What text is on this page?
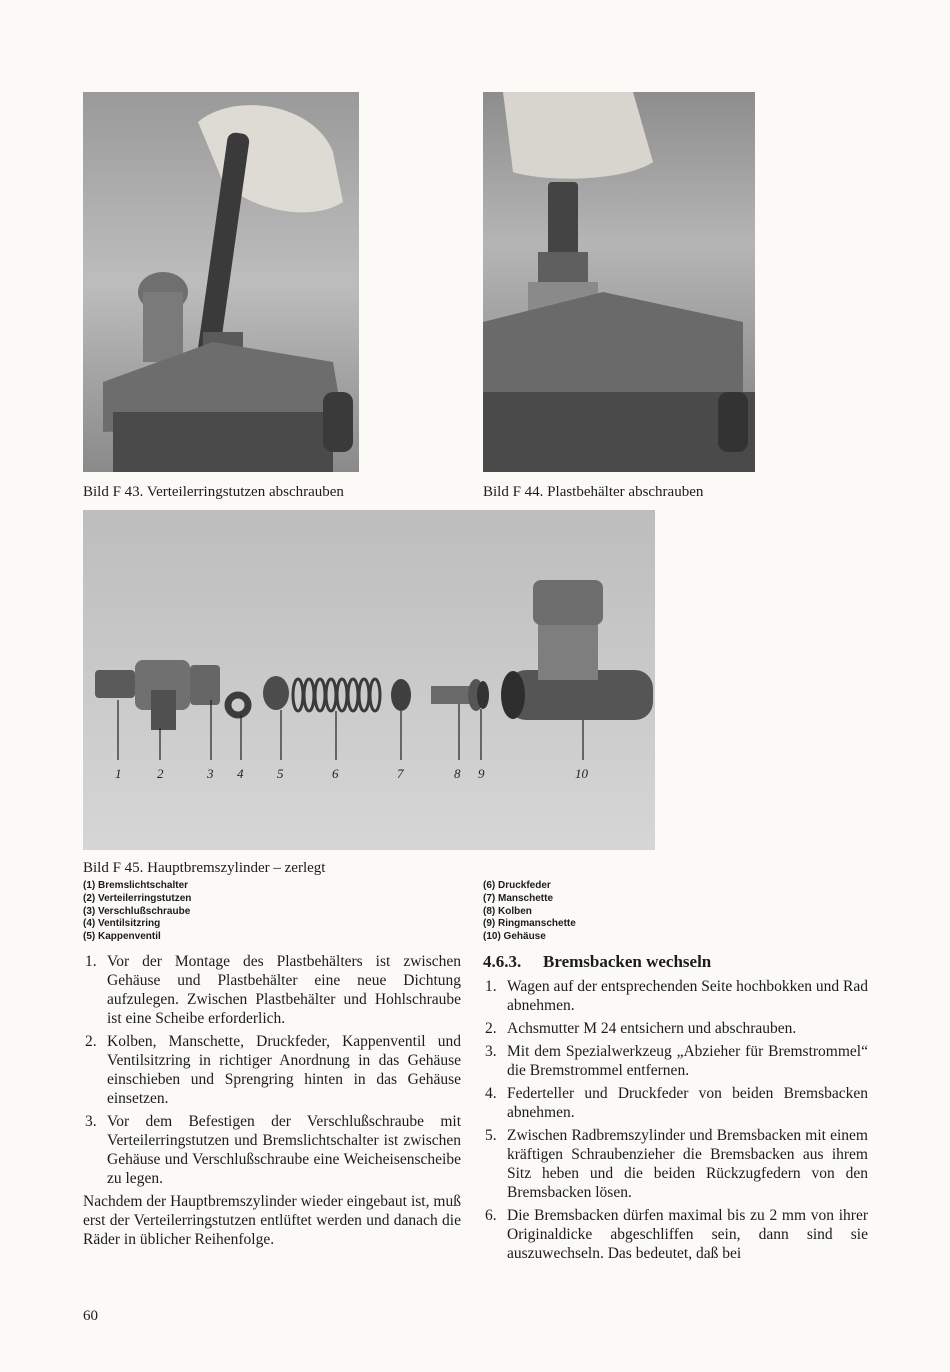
Bild F 43. Verteilerringstutzen abschrauben	Bild F 44. Plastbehälter abschrauben
1	2	3 4	5	6	7	8 9	10
Bild F 45. Hauptbremszylinder – zerlegt
(1) Bremslichtschalter
(2) Verteilerringstutzen
(3) Verschlußschraube
(4) Ventilsitzring
(5) Kappenventil
(6) Druckfeder
(7) Manschette
(8) Kolben
(9) Ringmanschette
(10) Gehäuse
1. Vor der Montage des Plastbehälters ist zwischen Gehäuse und Plastbehälter eine neue Dichtung aufzulegen. Zwischen Plastbehälter und Hohlschraube ist eine Scheibe erforderlich.
2. Kolben, Manschette, Druckfeder, Kappenventil und Ventilsitzring in richtiger Anordnung in das Gehäuse einschieben und Sprengring hinten in das Gehäuse einsetzen.
3. Vor dem Befestigen der Verschlußschraube mit Verteilerringstutzen und Bremslichtschalter ist zwischen Gehäuse und Verschlußschraube eine Weicheisenscheibe zu legen.
Nachdem der Hauptbremszylinder wieder eingebaut ist, muß erst der Verteilerringstutzen entlüftet werden und danach die Räder in üblicher Reihenfolge.
4.6.3. Bremsbacken wechseln
1. Wagen auf der entsprechenden Seite hochbokken und Rad abnehmen.
2. Achsmutter M 24 entsichern und abschrauben.
3. Mit dem Spezialwerkzeug „Abzieher für Bremstrommel“ die Bremstrommel entfernen.
4. Federteller und Druckfeder von beiden Bremsbacken abnehmen.
5. Zwischen Radbremszylinder und Bremsbacken mit einem kräftigen Schraubenzieher die Bremsbacken aus ihrem Sitz heben und die beiden Rückzugfedern von den Bremsbacken lösen.
6. Die Bremsbacken dürfen maximal bis zu 2 mm von ihrer Originaldicke abgeschliffen sein, dann sind sie auszuwechseln. Das bedeutet, daß bei
60
